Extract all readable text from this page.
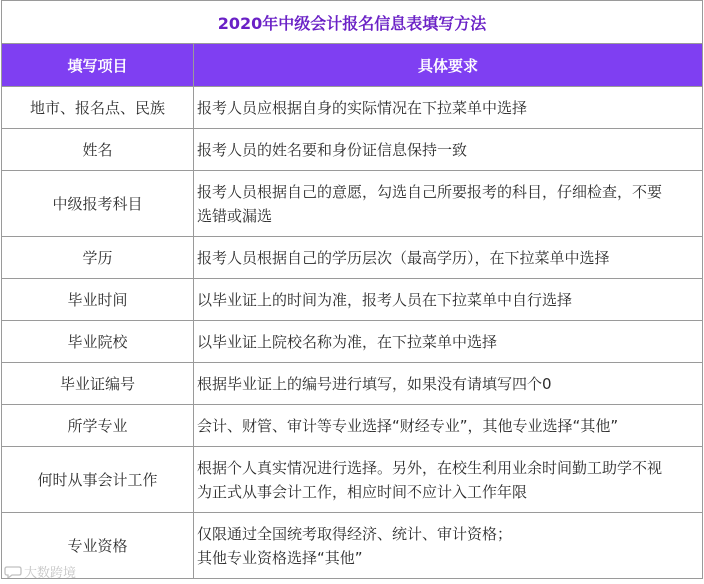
2020年中级会计报名信息表填写方法	
填写项目	具体要求
地市、报名点、民族	报考人员应根据自身的实际情况在下拉菜单中选择

姓名	报考人员的姓名要和身份证信息保持一致

中级报考科目	报考人员根据自己的意愿，勾选自己所要报考的科目，仔细检查，不要
选错或漏选

学历	报考人员根据自己的学历层次（最高学历），在下拉菜单中选择

毕业时间	以毕业证上的时间为准，报考人员在下拉菜单中自行选择

毕业院校	以毕业证上院校名称为准，在下拉菜单中选择

毕业证编号	根据毕业证上的编号进行填写，如果没有请填写四个0

所学专业	会计、财管、审计等专业选择“财经专业”，其他专业选择“其他”

何时从事会计工作	根据个人真实情况进行选择。另外，在校生利用业余时间勤工助学不视
为正式从事会计工作，相应时间不应计入工作年限

专业资格	仅限通过全国统考取得经济、统计、审计资格；
其他专业资格选择“其他”
大数跨境
